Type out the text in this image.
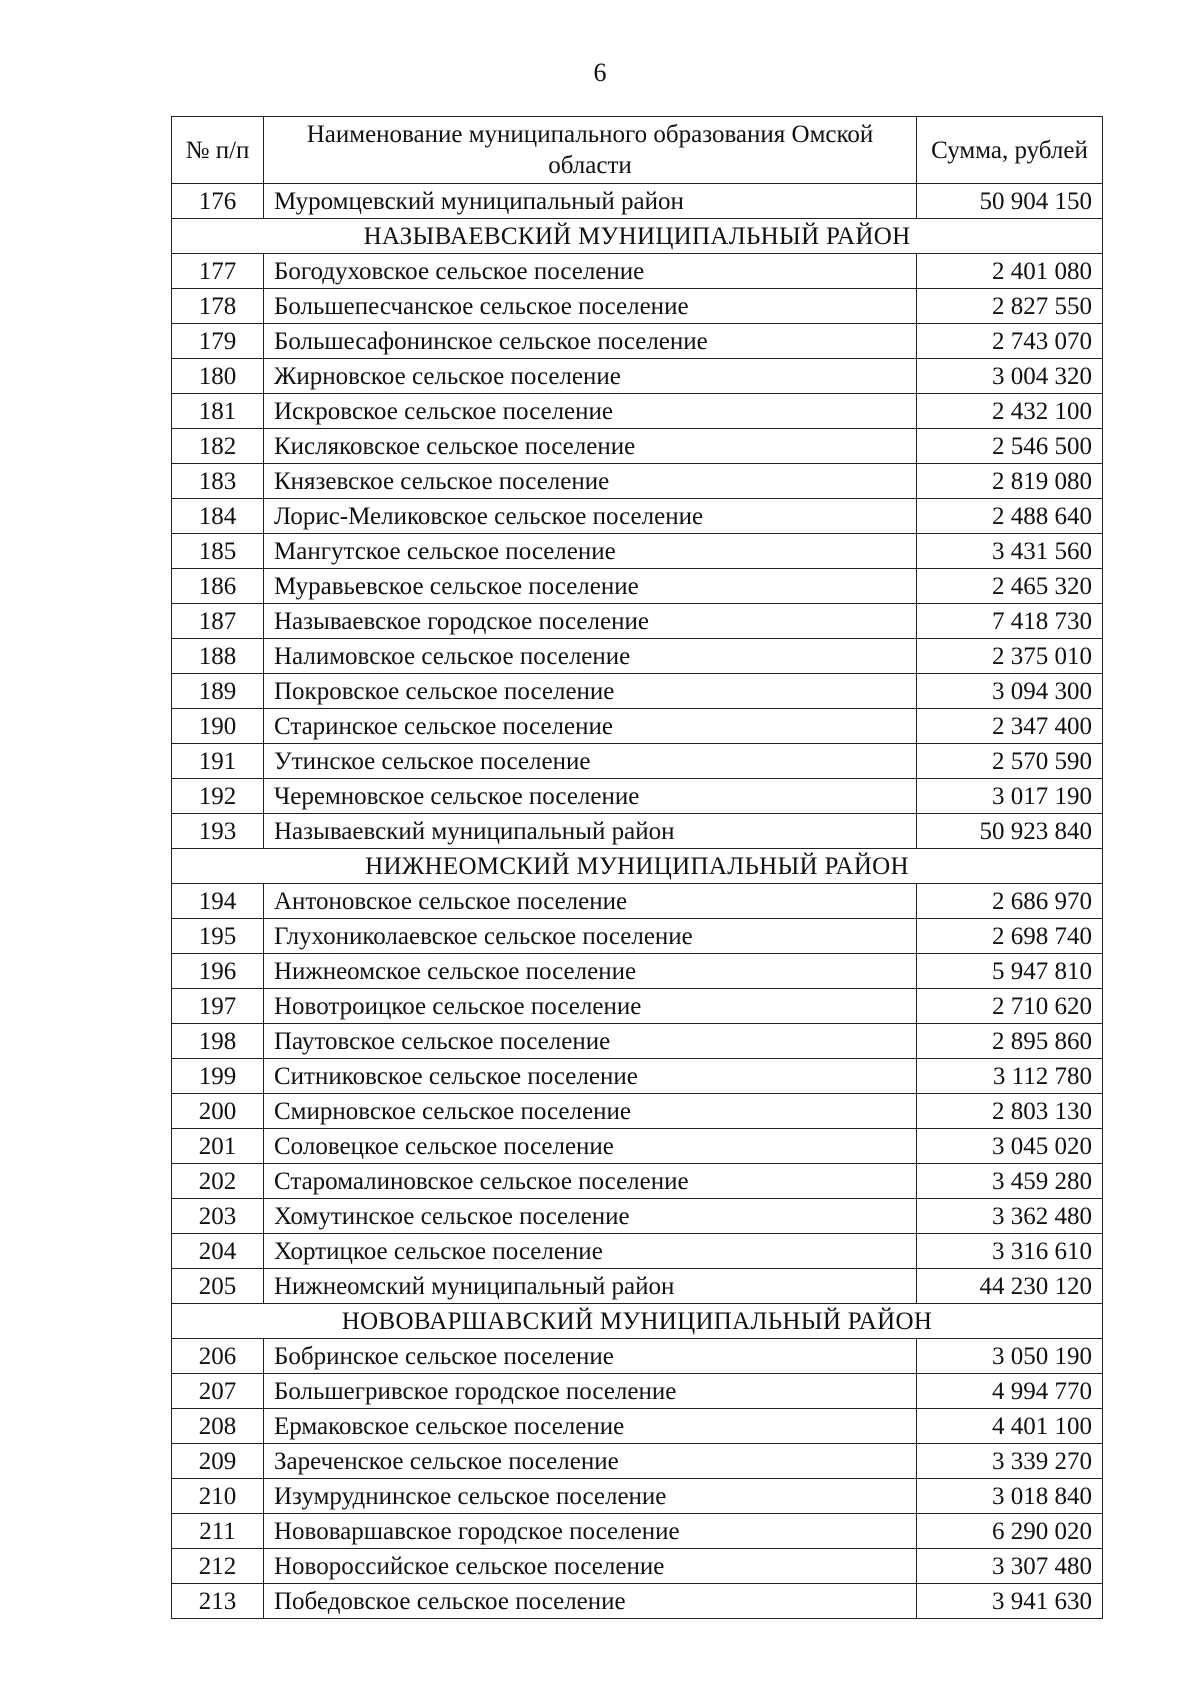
6
№ п/п	Наименование муниципального образования Омской области	Сумма, рублей
176	Муромцевский муниципальный район	50 904 150
НАЗЫВАЕВСКИЙ МУНИЦИПАЛЬНЫЙ РАЙОН		
177	Богодуховское сельское поселение	2 401 080
178	Большепесчанское сельское поселение	2 827 550
179	Большесафонинское сельское поселение	2 743 070
180	Жирновское сельское поселение	3 004 320
181	Искровское сельское поселение	2 432 100
182	Кисляковское сельское поселение	2 546 500
183	Князевское сельское поселение	2 819 080
184	Лорис-Меликовское сельское поселение	2 488 640
185	Мангутское сельское поселение	3 431 560
186	Муравьевское сельское поселение	2 465 320
187	Называевское городское поселение	7 418 730
188	Налимовское сельское поселение	2 375 010
189	Покровское сельское поселение	3 094 300
190	Старинское сельское поселение	2 347 400
191	Утинское сельское поселение	2 570 590
192	Черемновское сельское поселение	3 017 190
193	Называевский муниципальный район	50 923 840
НИЖНЕОМСКИЙ МУНИЦИПАЛЬНЫЙ РАЙОН		
194	Антоновское сельское поселение	2 686 970
195	Глухониколаевское сельское поселение	2 698 740
196	Нижнеомское сельское поселение	5 947 810
197	Новотроицкое сельское поселение	2 710 620
198	Паутовское сельское поселение	2 895 860
199	Ситниковское сельское поселение	3 112 780
200	Смирновское сельское поселение	2 803 130
201	Соловецкое сельское поселение	3 045 020
202	Старомалиновское сельское поселение	3 459 280
203	Хомутинское сельское поселение	3 362 480
204	Хортицкое сельское поселение	3 316 610
205	Нижнеомский муниципальный район	44 230 120
НОВОВАРШАВСКИЙ МУНИЦИПАЛЬНЫЙ РАЙОН		
206	Бобринское сельское поселение	3 050 190
207	Большегривское городское поселение	4 994 770
208	Ермаковское сельское поселение	4 401 100
209	Зареченское сельское поселение	3 339 270
210	Изумруднинское сельское поселение	3 018 840
211	Нововаршавское городское поселение	6 290 020
212	Новороссийское сельское поселение	3 307 480
213	Победовское сельское поселение	3 941 630
